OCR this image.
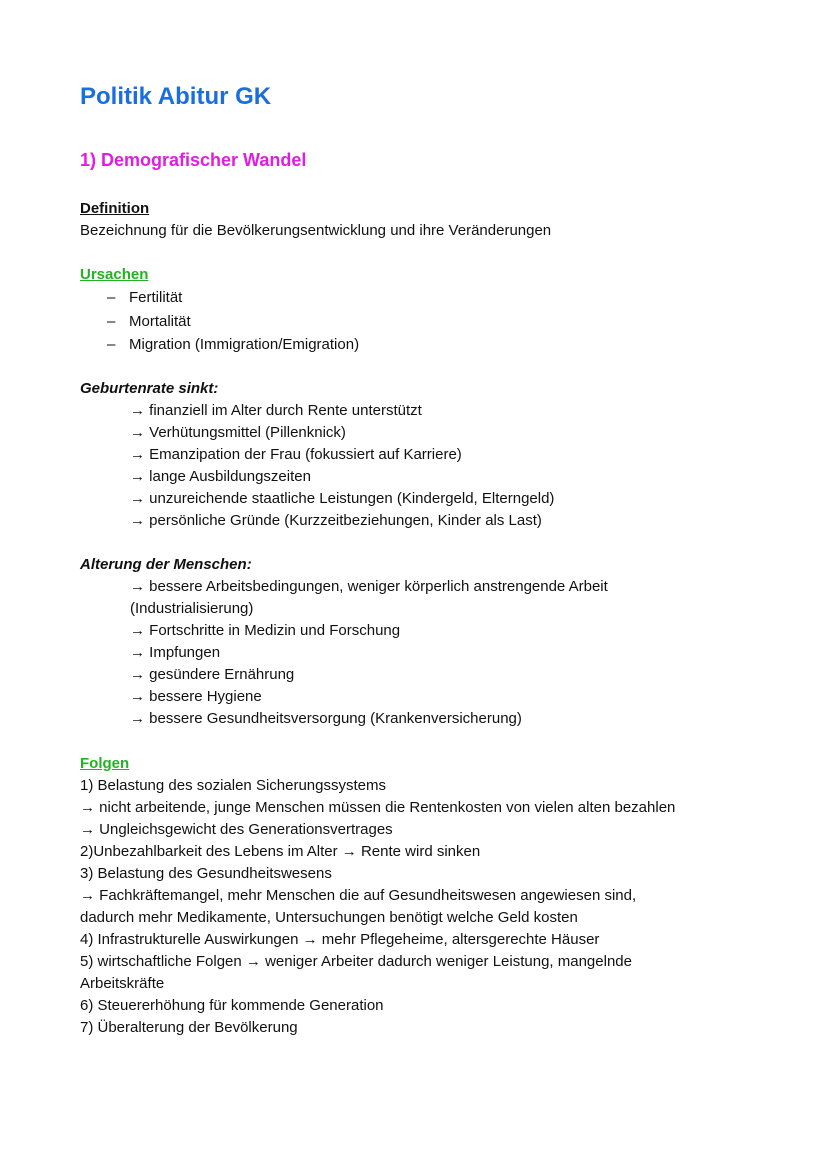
Politik Abitur GK
1) Demografischer Wandel
Definition
Bezeichnung für die Bevölkerungsentwicklung und ihre Veränderungen
Ursachen
– Fertilität
– Mortalität
– Migration (Immigration/Emigration)
Geburtenrate sinkt:
→ finanziell im Alter durch Rente unterstützt
→ Verhütungsmittel (Pillenknick)
→ Emanzipation der Frau (fokussiert auf Karriere)
→ lange Ausbildungszeiten
→ unzureichende staatliche Leistungen (Kindergeld, Elterngeld)
→ persönliche Gründe (Kurzzeitbeziehungen, Kinder als Last)
Alterung der Menschen:
→ bessere Arbeitsbedingungen, weniger körperlich anstrengende Arbeit
(Industrialisierung)
→ Fortschritte in Medizin und Forschung
→ Impfungen
→ gesündere Ernährung
→ bessere Hygiene
→ bessere Gesundheitsversorgung (Krankenversicherung)
Folgen
1) Belastung des sozialen Sicherungssystems
→ nicht arbeitende, junge Menschen müssen die Rentenkosten von vielen alten bezahlen
→ Ungleichsgewicht des Generationsvertrages
2)Unbezahlbarkeit des Lebens im Alter → Rente wird sinken
3) Belastung des Gesundheitswesens
→ Fachkräftemangel, mehr Menschen die auf Gesundheitswesen angewiesen sind,
dadurch mehr Medikamente, Untersuchungen benötigt welche Geld kosten
4) Infrastrukturelle Auswirkungen → mehr Pflegeheime, altersgerechte Häuser
5) wirtschaftliche Folgen → weniger Arbeiter dadurch weniger Leistung, mangelnde
Arbeitskräfte
6) Steuererhöhung für kommende Generation
7) Überalterung der Bevölkerung
